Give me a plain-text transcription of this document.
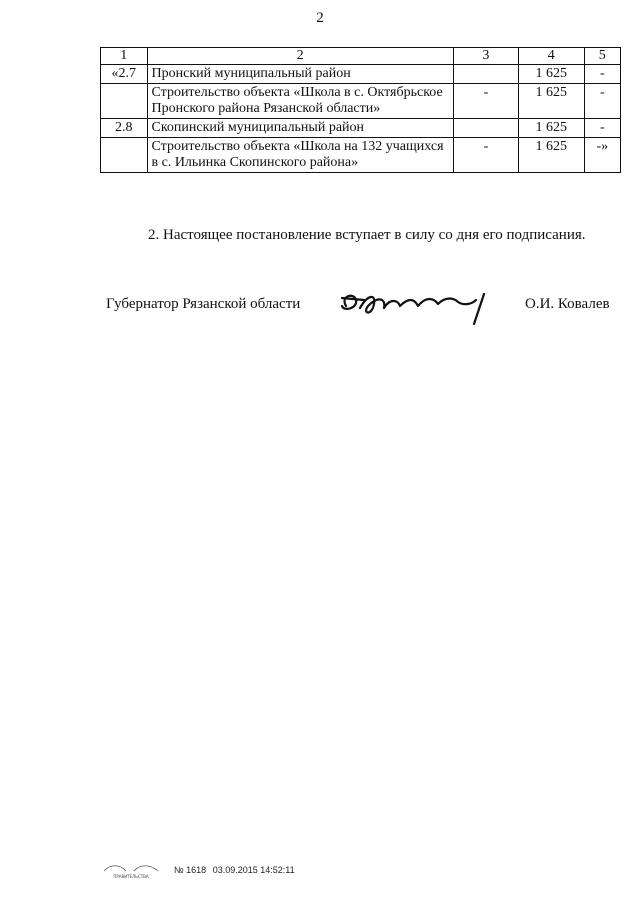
2
1	2	3	4	5
«2.7	Пронский муниципальный район		1 625	-
	Строительство объекта «Школа в с. Октябрьское Пронского района Рязанской области»	-	1 625	-
2.8	Скопинский муниципальный район		1 625	-
	Строительство объекта «Школа на 132 учащихся в с. Ильинка Скопинского района»	-	1 625	-»
2. Настоящее постановление вступает в силу со дня его подписания.
Губернатор Рязанской области	О.И. Ковалев
ПРАВИТЕЛЬСТВА
№ 1618 03.09.2015 14:52:11
